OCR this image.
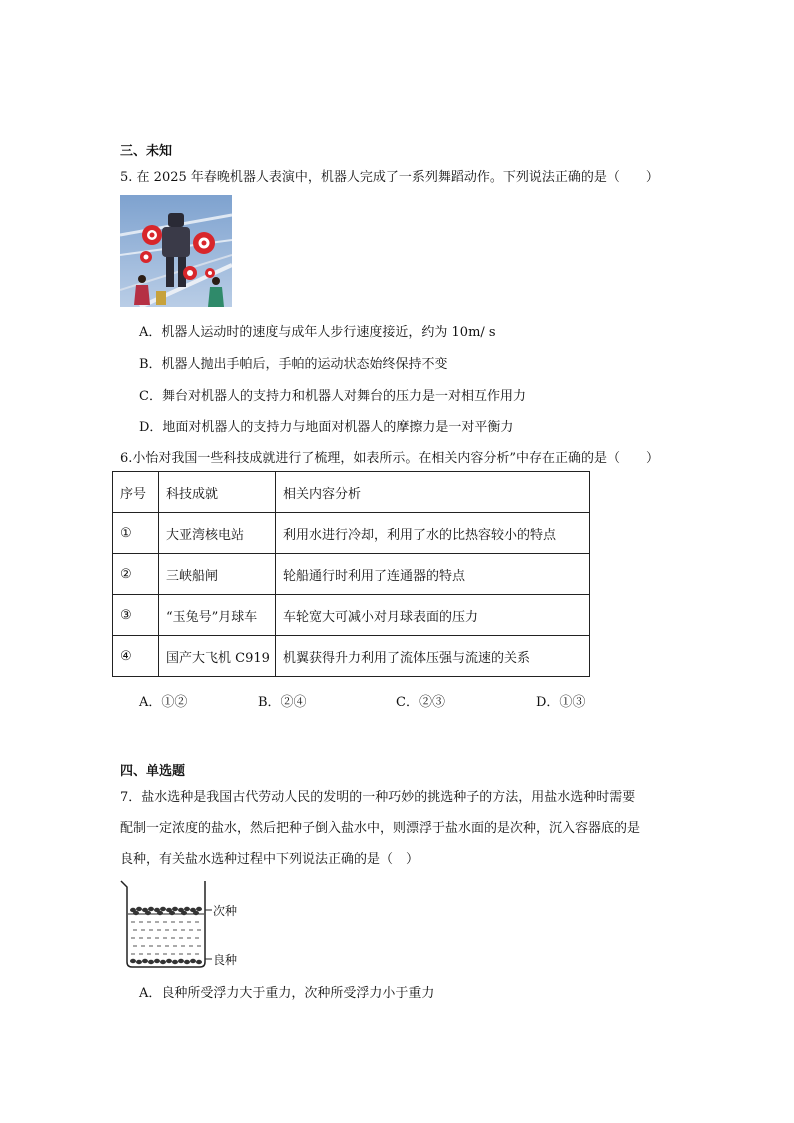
三、未知
5. 在 2025 年春晚机器人表演中，机器人完成了一系列舞蹈动作。下列说法正确的是（　　）
A．机器人运动时的速度与成年人步行速度接近，约为 10m/ s
B．机器人抛出手帕后，手帕的运动状态始终保持不变
C．舞台对机器人的支持力和机器人对舞台的压力是一对相互作用力
D．地面对机器人的支持力与地面对机器人的摩擦力是一对平衡力
6.小怡对我国一些科技成就进行了梳理，如表所示。在相关内容分析”中存在正确的是（　　）
序号	科技成就	相关内容分析
①	大亚湾核电站	利用水进行冷却，利用了水的比热容较小的特点
②	三峡船闸	轮船通行时利用了连通器的特点
③	“玉兔号”月球车	车轮宽大可减小对月球表面的压力
④	国产大飞机 C919	机翼获得升力利用了流体压强与流速的关系
A．①②	B．②④	C．②③	D．①③
四、单选题
7．盐水选种是我国古代劳动人民的发明的一种巧妙的挑选种子的方法，用盐水选种时需要
配制一定浓度的盐水，然后把种子倒入盐水中，则漂浮于盐水面的是次种，沉入容器底的是
良种，有关盐水选种过程中下列说法正确的是（　）
次种
良种
A．良种所受浮力大于重力，次种所受浮力小于重力
